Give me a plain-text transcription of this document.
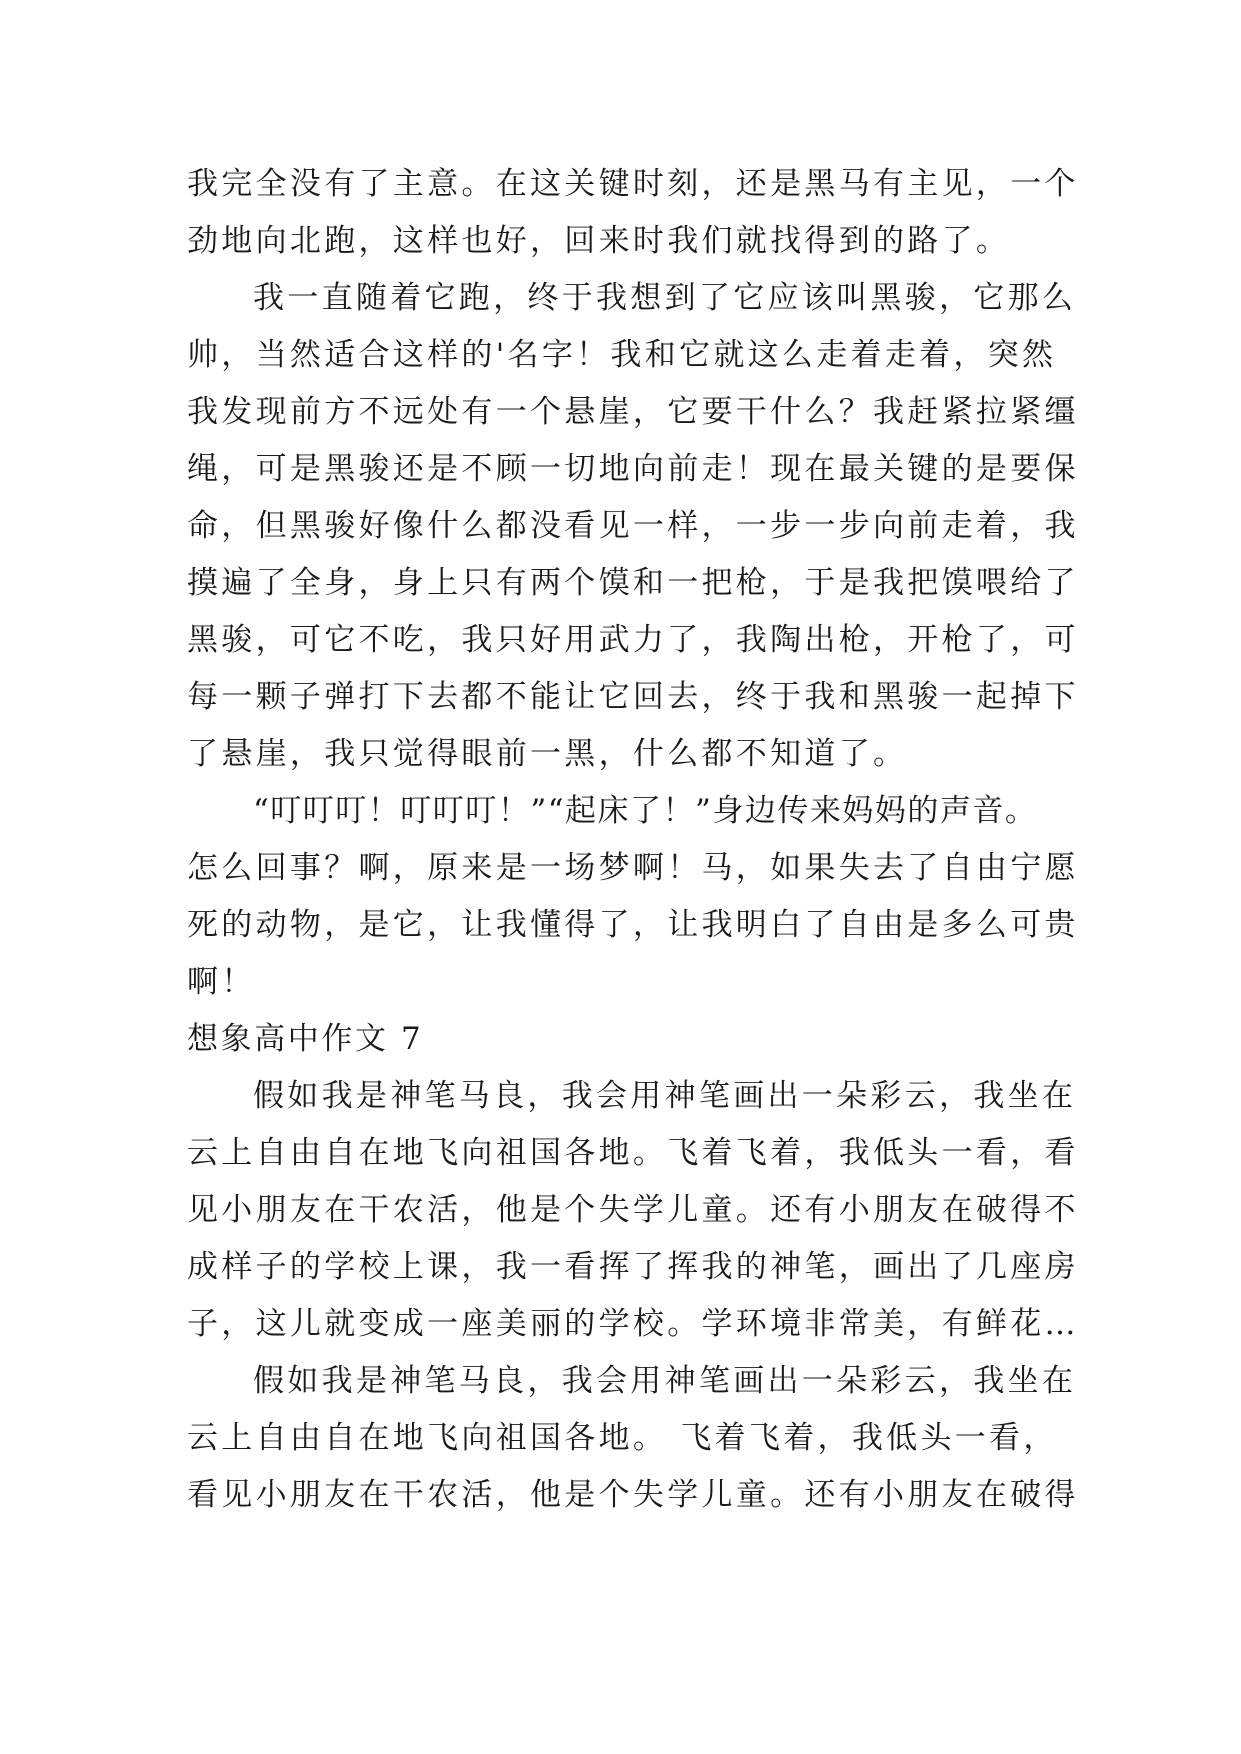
我完全没有了主意。在这关键时刻，还是黑马有主见，一个
劲地向北跑，这样也好，回来时我们就找得到的路了。
我一直随着它跑，终于我想到了它应该叫黑骏，它那么
帅，当然适合这样的'名字！我和它就这么走着走着，突然
我发现前方不远处有一个悬崖，它要干什么？我赶紧拉紧缰
绳，可是黑骏还是不顾一切地向前走！现在最关键的是要保
命，但黑骏好像什么都没看见一样，一步一步向前走着，我
摸遍了全身，身上只有两个馍和一把枪，于是我把馍喂给了
黑骏，可它不吃，我只好用武力了，我陶出枪，开枪了，可
每一颗子弹打下去都不能让它回去，终于我和黑骏一起掉下
了悬崖，我只觉得眼前一黑，什么都不知道了。
“叮叮叮！叮叮叮！”“起床了！”身边传来妈妈的声音。
怎么回事？啊，原来是一场梦啊！马，如果失去了自由宁愿
死的动物，是它，让我懂得了，让我明白了自由是多么可贵
啊！
想象高中作文 7
假如我是神笔马良，我会用神笔画出一朵彩云，我坐在
云上自由自在地飞向祖国各地。飞着飞着，我低头一看，看
见小朋友在干农活，他是个失学儿童。还有小朋友在破得不
成样子的学校上课，我一看挥了挥我的神笔，画出了几座房
子，这儿就变成一座美丽的学校。学环境非常美，有鲜花…
假如我是神笔马良，我会用神笔画出一朵彩云，我坐在
云上自由自在地飞向祖国各地。 飞着飞着，我低头一看，
看见小朋友在干农活，他是个失学儿童。还有小朋友在破得
